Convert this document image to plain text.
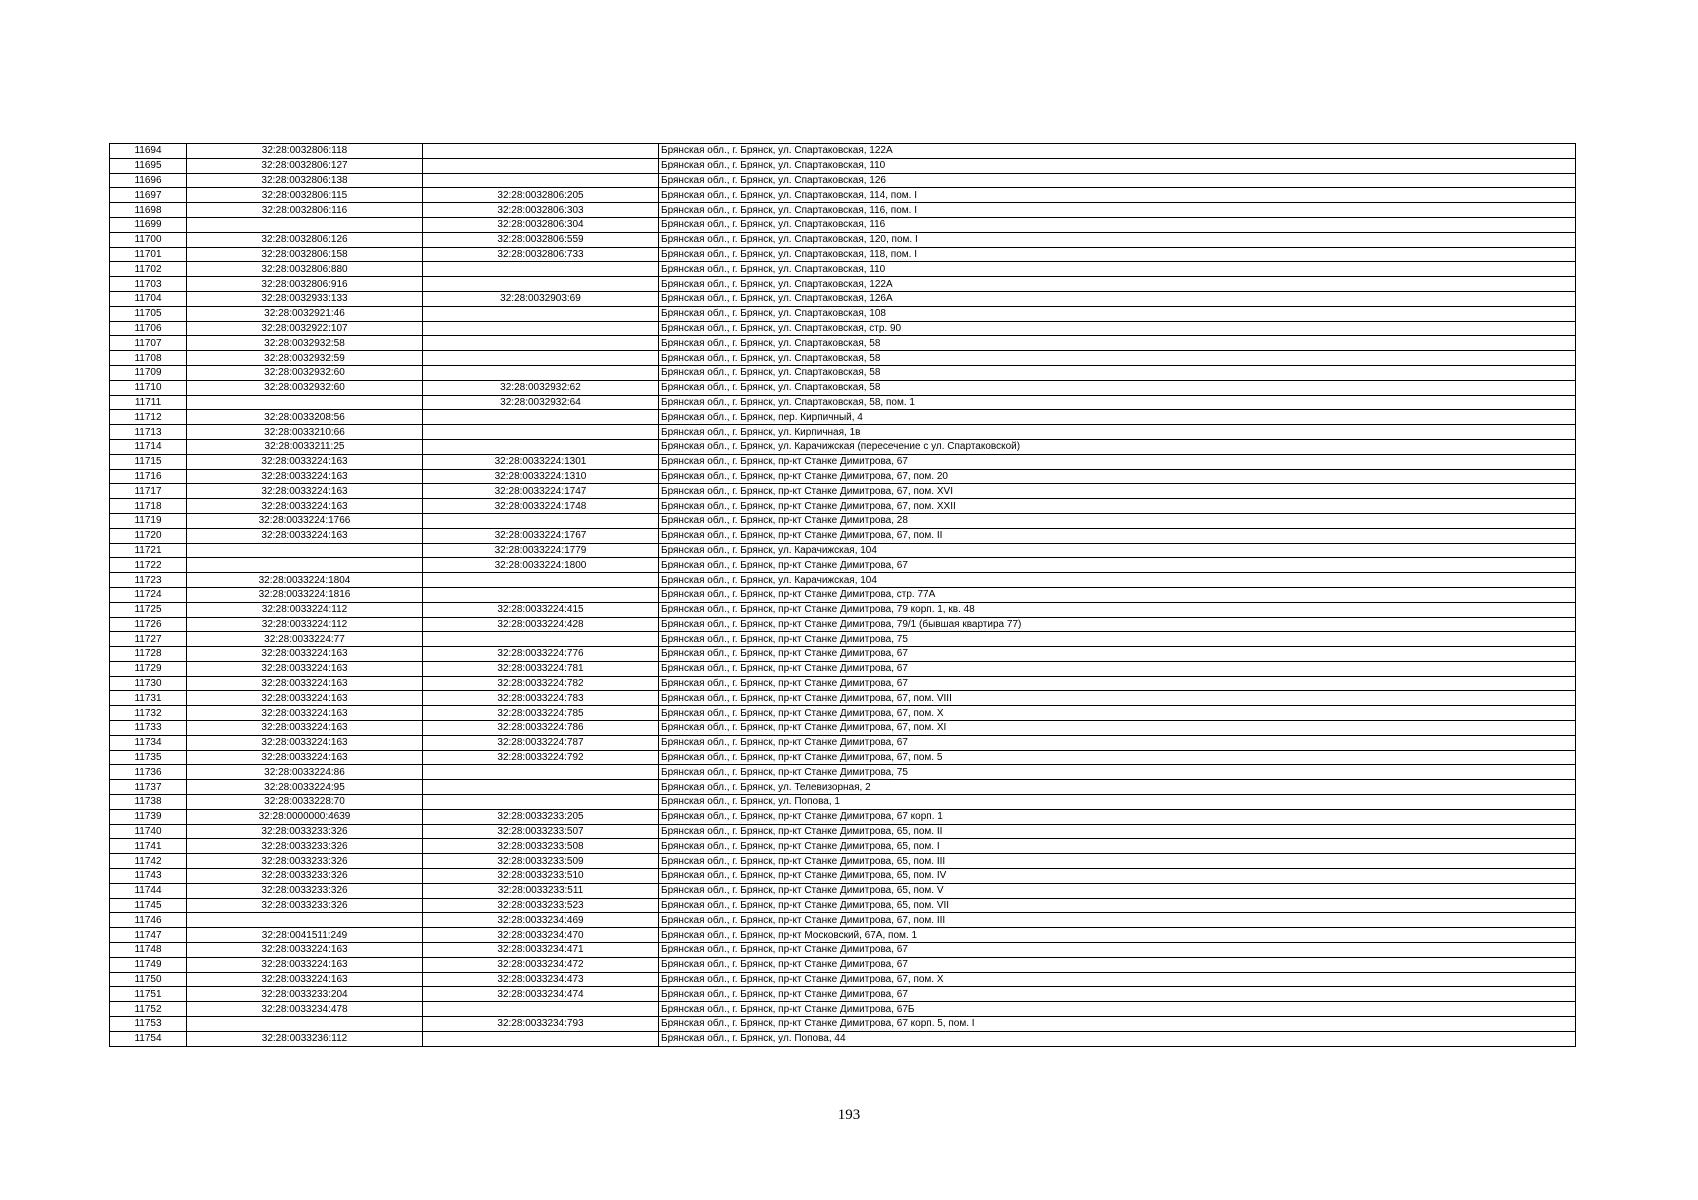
11694	32:28:0032806:118		Брянская обл., г. Брянск, ул. Спартаковская, 122А
11695	32:28:0032806:127		Брянская обл., г. Брянск, ул. Спартаковская, 110
11696	32:28:0032806:138		Брянская обл., г. Брянск, ул. Спартаковская, 126
11697	32:28:0032806:115	32:28:0032806:205	Брянская обл., г. Брянск, ул. Спартаковская, 114, пом. I
11698	32:28:0032806:116	32:28:0032806:303	Брянская обл., г. Брянск, ул. Спартаковская, 116, пом. I
11699		32:28:0032806:304	Брянская обл., г. Брянск, ул. Спартаковская, 116
11700	32:28:0032806:126	32:28:0032806:559	Брянская обл., г. Брянск, ул. Спартаковская, 120, пом. I
11701	32:28:0032806:158	32:28:0032806:733	Брянская обл., г. Брянск, ул. Спартаковская, 118, пом. I
11702	32:28:0032806:880		Брянская обл., г. Брянск, ул. Спартаковская, 110
11703	32:28:0032806:916		Брянская обл., г. Брянск, ул. Спартаковская, 122А
11704	32:28:0032933:133	32:28:0032903:69	Брянская обл., г. Брянск, ул. Спартаковская, 126А
11705	32:28:0032921:46		Брянская обл., г. Брянск, ул. Спартаковская, 108
11706	32:28:0032922:107		Брянская обл., г. Брянск, ул. Спартаковская, стр. 90
11707	32:28:0032932:58		Брянская обл., г. Брянск, ул. Спартаковская, 58
11708	32:28:0032932:59		Брянская обл., г. Брянск, ул. Спартаковская, 58
11709	32:28:0032932:60		Брянская обл., г. Брянск, ул. Спартаковская, 58
11710	32:28:0032932:60	32:28:0032932:62	Брянская обл., г. Брянск, ул. Спартаковская, 58
11711		32:28:0032932:64	Брянская обл., г. Брянск, ул. Спартаковская, 58, пом. 1
11712	32:28:0033208:56		Брянская обл., г. Брянск, пер. Кирпичный, 4
11713	32:28:0033210:66		Брянская обл., г. Брянск, ул. Кирпичная, 1в
11714	32:28:0033211:25		Брянская обл., г. Брянск, ул. Карачижская (пересечение с ул. Спартаковской)
11715	32:28:0033224:163	32:28:0033224:1301	Брянская обл., г. Брянск, пр-кт Станке Димитрова, 67
11716	32:28:0033224:163	32:28:0033224:1310	Брянская обл., г. Брянск, пр-кт Станке Димитрова, 67, пом. 20
11717	32:28:0033224:163	32:28:0033224:1747	Брянская обл., г. Брянск, пр-кт Станке Димитрова, 67, пом. XVI
11718	32:28:0033224:163	32:28:0033224:1748	Брянская обл., г. Брянск, пр-кт Станке Димитрова, 67, пом. XXII
11719	32:28:0033224:1766		Брянская обл., г. Брянск, пр-кт Станке Димитрова, 28
11720	32:28:0033224:163	32:28:0033224:1767	Брянская обл., г. Брянск, пр-кт Станке Димитрова, 67, пом. II
11721		32:28:0033224:1779	Брянская обл., г. Брянск, ул. Карачижская, 104
11722		32:28:0033224:1800	Брянская обл., г. Брянск, пр-кт Станке Димитрова, 67
11723	32:28:0033224:1804		Брянская обл., г. Брянск, ул. Карачижская, 104
11724	32:28:0033224:1816		Брянская обл., г. Брянск, пр-кт Станке Димитрова, стр. 77А
11725	32:28:0033224:112	32:28:0033224:415	Брянская обл., г. Брянск, пр-кт Станке Димитрова, 79 корп. 1, кв. 48
11726	32:28:0033224:112	32:28:0033224:428	Брянская обл., г. Брянск, пр-кт Станке Димитрова, 79/1 (бывшая квартира 77)
11727	32:28:0033224:77		Брянская обл., г. Брянск, пр-кт Станке Димитрова, 75
11728	32:28:0033224:163	32:28:0033224:776	Брянская обл., г. Брянск, пр-кт Станке Димитрова, 67
11729	32:28:0033224:163	32:28:0033224:781	Брянская обл., г. Брянск, пр-кт Станке Димитрова, 67
11730	32:28:0033224:163	32:28:0033224:782	Брянская обл., г. Брянск, пр-кт Станке Димитрова, 67
11731	32:28:0033224:163	32:28:0033224:783	Брянская обл., г. Брянск, пр-кт Станке Димитрова, 67, пом. VIII
11732	32:28:0033224:163	32:28:0033224:785	Брянская обл., г. Брянск, пр-кт Станке Димитрова, 67, пом. X
11733	32:28:0033224:163	32:28:0033224:786	Брянская обл., г. Брянск, пр-кт Станке Димитрова, 67, пом. XI
11734	32:28:0033224:163	32:28:0033224:787	Брянская обл., г. Брянск, пр-кт Станке Димитрова, 67
11735	32:28:0033224:163	32:28:0033224:792	Брянская обл., г. Брянск, пр-кт Станке Димитрова, 67, пом. 5
11736	32:28:0033224:86		Брянская обл., г. Брянск, пр-кт Станке Димитрова, 75
11737	32:28:0033224:95		Брянская обл., г. Брянск, ул. Телевизорная, 2
11738	32:28:0033228:70		Брянская обл., г. Брянск, ул. Попова, 1
11739	32:28:0000000:4639	32:28:0033233:205	Брянская обл., г. Брянск, пр-кт Станке Димитрова, 67 корп. 1
11740	32:28:0033233:326	32:28:0033233:507	Брянская обл., г. Брянск, пр-кт Станке Димитрова, 65, пом. II
11741	32:28:0033233:326	32:28:0033233:508	Брянская обл., г. Брянск, пр-кт Станке Димитрова, 65, пом. I
11742	32:28:0033233:326	32:28:0033233:509	Брянская обл., г. Брянск, пр-кт Станке Димитрова, 65, пом. III
11743	32:28:0033233:326	32:28:0033233:510	Брянская обл., г. Брянск, пр-кт Станке Димитрова, 65, пом. IV
11744	32:28:0033233:326	32:28:0033233:511	Брянская обл., г. Брянск, пр-кт Станке Димитрова, 65, пом. V
11745	32:28:0033233:326	32:28:0033233:523	Брянская обл., г. Брянск, пр-кт Станке Димитрова, 65, пом. VII
11746		32:28:0033234:469	Брянская обл., г. Брянск, пр-кт Станке Димитрова, 67, пом. III
11747	32:28:0041511:249	32:28:0033234:470	Брянская обл., г. Брянск, пр-кт Московский, 67А, пом. 1
11748	32:28:0033224:163	32:28:0033234:471	Брянская обл., г. Брянск, пр-кт Станке Димитрова, 67
11749	32:28:0033224:163	32:28:0033234:472	Брянская обл., г. Брянск, пр-кт Станке Димитрова, 67
11750	32:28:0033224:163	32:28:0033234:473	Брянская обл., г. Брянск, пр-кт Станке Димитрова, 67, пом. X
11751	32:28:0033233:204	32:28:0033234:474	Брянская обл., г. Брянск, пр-кт Станке Димитрова, 67
11752	32:28:0033234:478		Брянская обл., г. Брянск, пр-кт Станке Димитрова, 67Б
11753		32:28:0033234:793	Брянская обл., г. Брянск, пр-кт Станке Димитрова, 67 корп. 5, пом. I
11754	32:28:0033236:112		Брянская обл., г. Брянск, ул. Попова, 44
193
